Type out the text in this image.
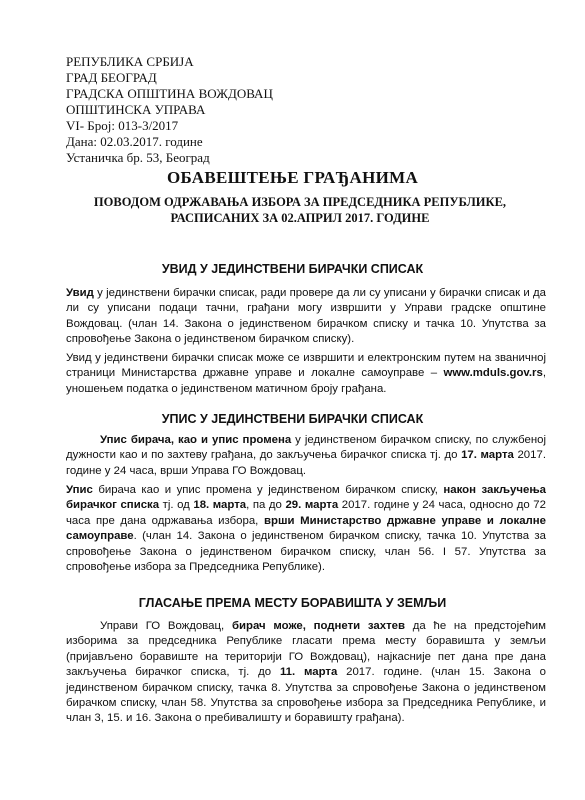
РЕПУБЛИКА СРБИЈА
ГРАД БЕОГРАД
ГРАДСКА ОПШТИНА ВОЖДОВАЦ
ОПШТИНСКА УПРАВА
VI- Број: 013-3/2017
Дана: 02.03.2017. године
Устаничка бр. 53, Београд
ОБАВЕШТЕЊЕ ГРАЂАНИМА
ПОВОДОМ ОДРЖАВАЊА ИЗБОРА ЗА ПРЕДСЕДНИКА РЕПУБЛИКЕ, РАСПИСАНИХ ЗА 02.АПРИЛ 2017. ГОДИНЕ
УВИД У ЈЕДИНСТВЕНИ БИРАЧКИ СПИСАК
Увид у јединствени бирачки списак, ради провере да ли су уписани у бирачки списак и да ли су уписани подаци тачни, грађани могу извршити у Управи градске општине Вождовац. (члан 14. Закона о јединственом бирачком списку и тачка 10. Упутства за спровођење Закона о јединственом бирачком списку).
Увид у јединствени бирачки списак може се извршити и електронским путем на званичној страници Министарства државне управе и локалне самоуправе – www.mduls.gov.rs, уношењем податка о јединственом матичном броју грађана.
УПИС У ЈЕДИНСТВЕНИ БИРАЧКИ СПИСАК
Упис бирача, као и упис промена у јединственом бирачком списку, по службеној дужности као и по захтеву грађана, до закључења бирачког списка тј. до 17. марта 2017. године у 24 часа, врши Управа ГО Вождовац.
Упис бирача као и упис промена у јединственом бирачком списку, након закључења бирачког списка тј. од 18. марта, па до 29. марта 2017. године у 24 часа, односно до 72 часа пре дана одржавања избора, врши Министарство државне управе и локалне самоуправе. (члан 14. Закона о јединственом бирачком списку, тачка 10. Упутства за спровођење Закона о јединственом бирачком списку, члан 56. I 57. Упутства за спровођење избора за Председника Републике).
ГЛАСАЊЕ ПРЕМА МЕСТУ БОРАВИШТА У ЗЕМЉИ
Управи ГО Вождовац, бирач може, поднети захтев да ће на предстојећим изборима за председника Републике гласати према месту боравишта у земљи (пријављено боравиште на територији ГО Вождовац), најкасније пет дана пре дана закључења бирачког списка, тј. до 11. марта 2017. године. (члан 15. Закона о јединственом бирачком списку, тачка 8. Упутства за спровођење Закона о јединственом бирачком списку, члан 58. Упутства за спровођење избора за Председника Републике, и члан 3, 15. и 16. Закона о пребивалишту и боравишту грађана).
